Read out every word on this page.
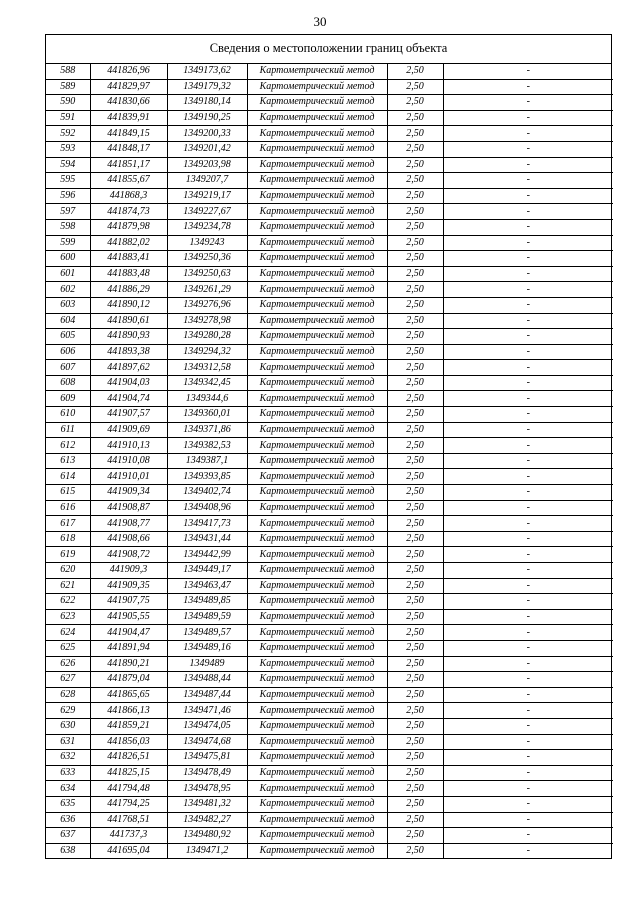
30
Сведения о местоположении границ объекта
588	441826,96	1349173,62	Картометрический метод	2,50	-
589	441829,97	1349179,32	Картометрический метод	2,50	-
590	441830,66	1349180,14	Картометрический метод	2,50	-
591	441839,91	1349190,25	Картометрический метод	2,50	-
592	441849,15	1349200,33	Картометрический метод	2,50	-
593	441848,17	1349201,42	Картометрический метод	2,50	-
594	441851,17	1349203,98	Картометрический метод	2,50	-
595	441855,67	1349207,7	Картометрический метод	2,50	-
596	441868,3	1349219,17	Картометрический метод	2,50	-
597	441874,73	1349227,67	Картометрический метод	2,50	-
598	441879,98	1349234,78	Картометрический метод	2,50	-
599	441882,02	1349243	Картометрический метод	2,50	-
600	441883,41	1349250,36	Картометрический метод	2,50	-
601	441883,48	1349250,63	Картометрический метод	2,50	-
602	441886,29	1349261,29	Картометрический метод	2,50	-
603	441890,12	1349276,96	Картометрический метод	2,50	-
604	441890,61	1349278,98	Картометрический метод	2,50	-
605	441890,93	1349280,28	Картометрический метод	2,50	-
606	441893,38	1349294,32	Картометрический метод	2,50	-
607	441897,62	1349312,58	Картометрический метод	2,50	-
608	441904,03	1349342,45	Картометрический метод	2,50	-
609	441904,74	1349344,6	Картометрический метод	2,50	-
610	441907,57	1349360,01	Картометрический метод	2,50	-
611	441909,69	1349371,86	Картометрический метод	2,50	-
612	441910,13	1349382,53	Картометрический метод	2,50	-
613	441910,08	1349387,1	Картометрический метод	2,50	-
614	441910,01	1349393,85	Картометрический метод	2,50	-
615	441909,34	1349402,74	Картометрический метод	2,50	-
616	441908,87	1349408,96	Картометрический метод	2,50	-
617	441908,77	1349417,73	Картометрический метод	2,50	-
618	441908,66	1349431,44	Картометрический метод	2,50	-
619	441908,72	1349442,99	Картометрический метод	2,50	-
620	441909,3	1349449,17	Картометрический метод	2,50	-
621	441909,35	1349463,47	Картометрический метод	2,50	-
622	441907,75	1349489,85	Картометрический метод	2,50	-
623	441905,55	1349489,59	Картометрический метод	2,50	-
624	441904,47	1349489,57	Картометрический метод	2,50	-
625	441891,94	1349489,16	Картометрический метод	2,50	-
626	441890,21	1349489	Картометрический метод	2,50	-
627	441879,04	1349488,44	Картометрический метод	2,50	-
628	441865,65	1349487,44	Картометрический метод	2,50	-
629	441866,13	1349471,46	Картометрический метод	2,50	-
630	441859,21	1349474,05	Картометрический метод	2,50	-
631	441856,03	1349474,68	Картометрический метод	2,50	-
632	441826,51	1349475,81	Картометрический метод	2,50	-
633	441825,15	1349478,49	Картометрический метод	2,50	-
634	441794,48	1349478,95	Картометрический метод	2,50	-
635	441794,25	1349481,32	Картометрический метод	2,50	-
636	441768,51	1349482,27	Картометрический метод	2,50	-
637	441737,3	1349480,92	Картометрический метод	2,50	-
638	441695,04	1349471,2	Картометрический метод	2,50	-
